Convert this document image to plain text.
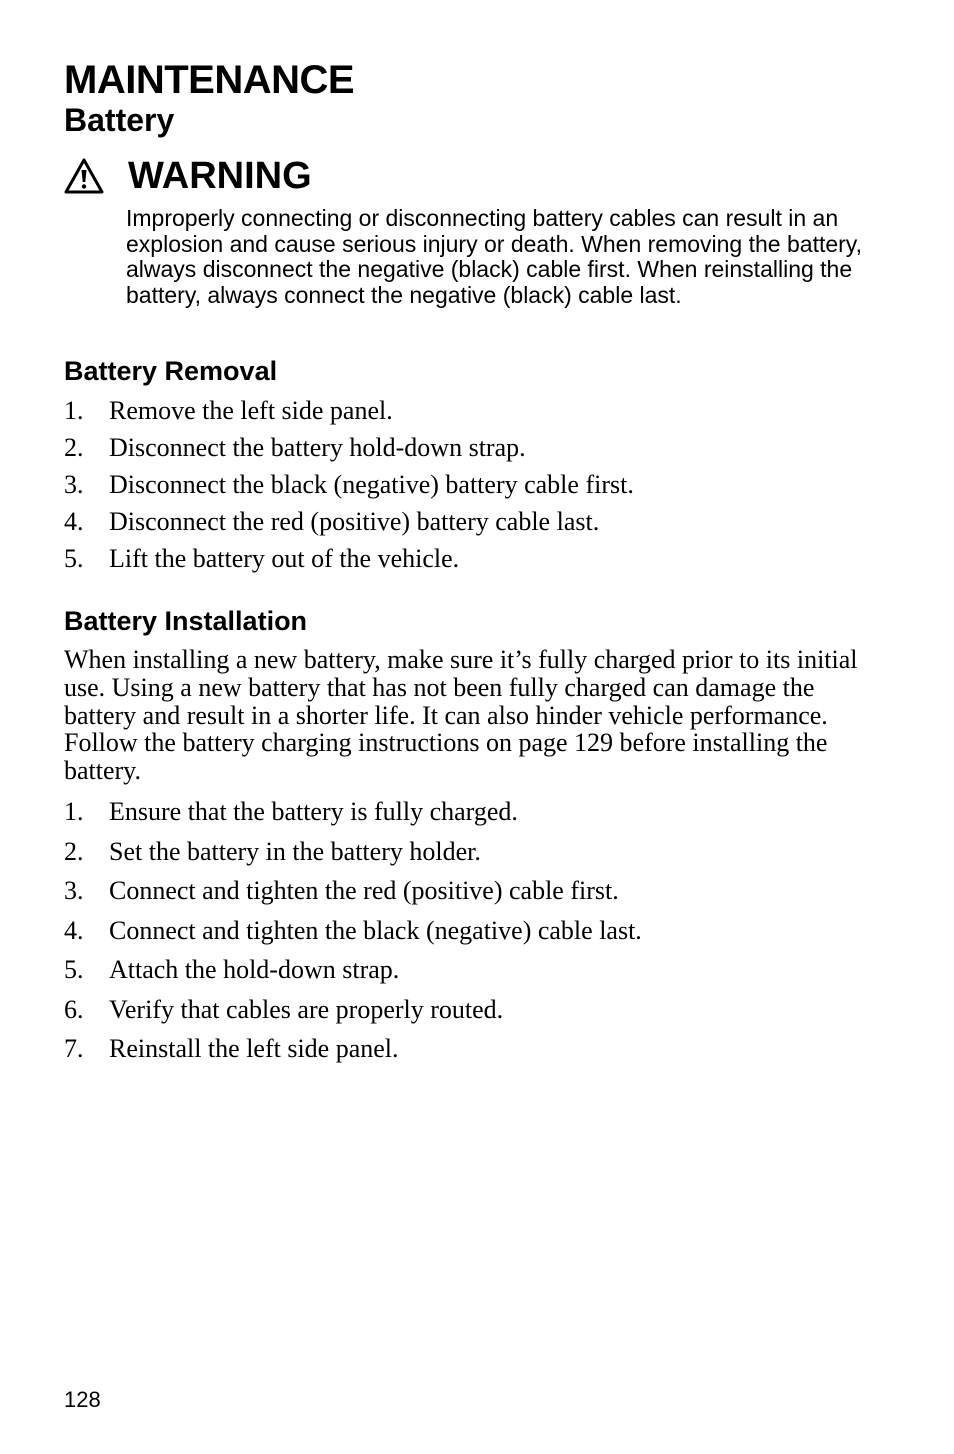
MAINTENANCE
Battery
WARNING

Improperly connecting or disconnecting battery cables can result in an explosion and cause serious injury or death. When removing the battery, always disconnect the negative (black) cable first. When reinstalling the battery, always connect the negative (black) cable last.

Battery Removal
1. Remove the left side panel.
2. Disconnect the battery hold-down strap.
3. Disconnect the black (negative) battery cable first.
4. Disconnect the red (positive) battery cable last.
5. Lift the battery out of the vehicle.
Battery Installation

When installing a new battery, make sure it’s fully charged prior to its initial use. Using a new battery that has not been fully charged can damage the battery and result in a shorter life. It can also hinder vehicle performance. Follow the battery charging instructions on page 129 before installing the battery.

1. Ensure that the battery is fully charged.
2. Set the battery in the battery holder.
3. Connect and tighten the red (positive) cable first.
4. Connect and tighten the black (negative) cable last.
5. Attach the hold-down strap.
6. Verify that cables are properly routed.
7. Reinstall the left side panel.

128
